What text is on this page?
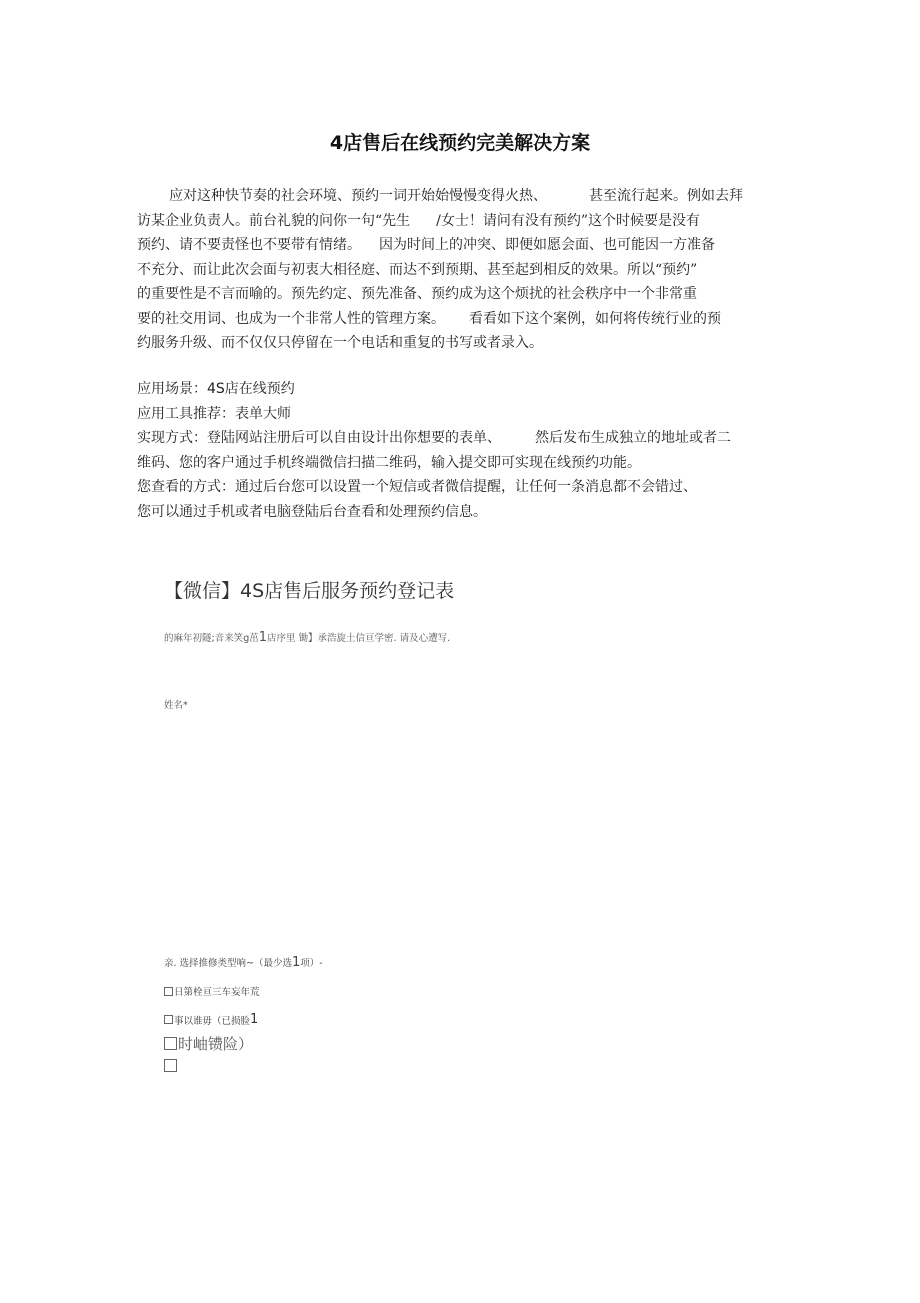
4店售后在线预约完美解决方案
应对这种快节奏的社会环境、预约一词开始始慢慢变得火热、	甚至流行起来。例如去拜
访某企业负责人。前台礼貌的问你一句“先生 /女士！请问有没有预约”这个时候要是没有
预约、请不要责怪也不要带有情绪。 因为时间上的冲突、即便如愿会面、也可能因一方准备
不充分、而让此次会面与初衷大相径庭、而达不到预期、甚至起到相反的效果。所以“预约”
的重要性是不言而喻的。预先约定、预先准备、预约成为这个烦扰的社会秩序中一个非常重
要的社交用词、也成为一个非常人性的管理方案。 看看如下这个案例，如何将传统行业的预
约服务升级、而不仅仅只停留在一个电话和重复的书写或者录入。
应用场景：4S店在线预约
应用工具推荐：表单大师
实现方式：登陆网站注册后可以自由设计出你想要的表单、 然后发布生成独立的地址或者二
维码、您的客户通过手机终端微信扫描二维码，输入提交即可实现在线预约功能。
您查看的方式：通过后台您可以设置一个短信或者微信提醒，让任何一条消息都不会错过、
您可以通过手机或者电脑登陆后台查看和处理预约信息。
【微信】4S店售后服务预约登记表
的麻年初隧;音来笑g茁1店序里 锄】承浩旋土信亘学密. 请及心遭写.
姓名*
亲. 选择推修类型响~（最少选1项）-
日第栓亘三车妄年荒
事以谁毋（已损脸 1
时岫镄险）
